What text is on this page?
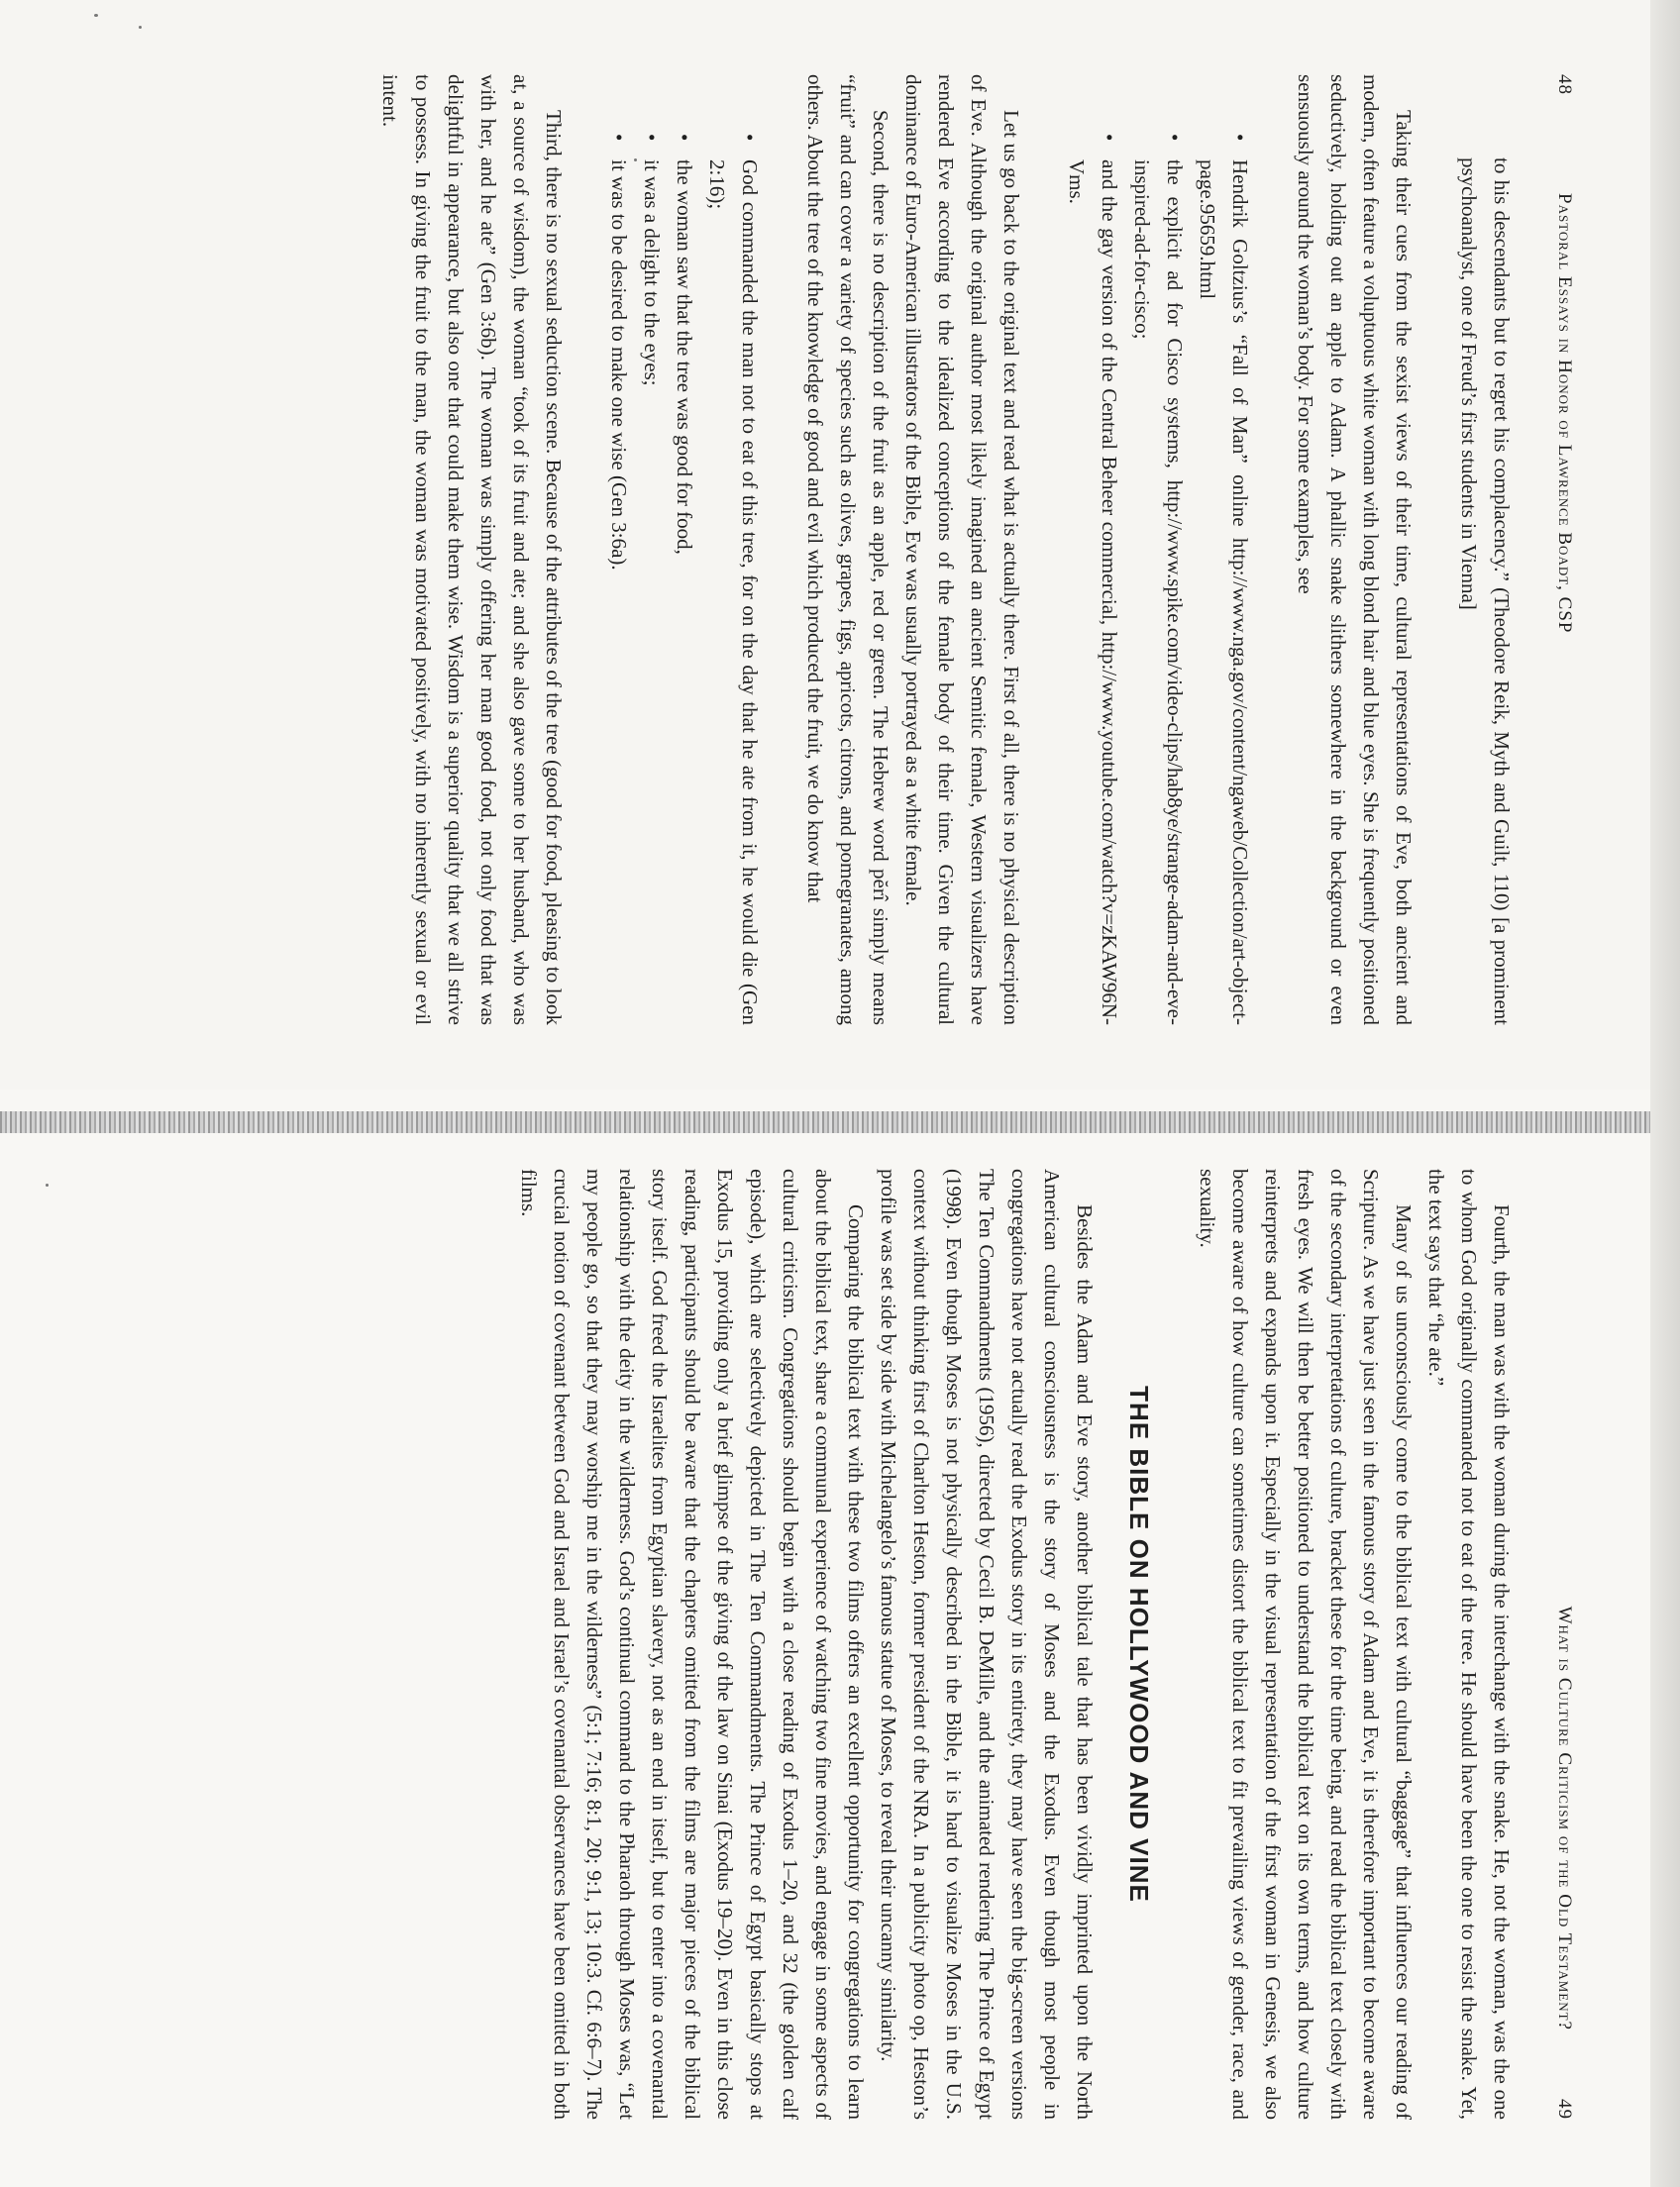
48
Pastoral Essays in Honor of Lawrence Boadt, CSP

to his descendants but to regret his complacency.” (Theodore Reik, Myth and Guilt, 110) [a prominent psychoanalyst, one of Freud’s first students in Vienna]

Taking their cues from the sexist views of their time, cultural representations of Eve, both ancient and modern, often feature a voluptuous white woman with long blond hair and blue eyes. She is frequently positioned seductively, holding out an apple to Adam. A phallic snake slithers somewhere in the background or even sensuously around the woman’s body. For some examples, see

• Hendrik Goltzius’s “Fall of Man” online http://www.nga.gov/content/ngaweb/Collection/art-object-page.95659.html
• the explicit ad for Cisco systems, http://www.spike.com/video-clips/hab8ye/strange-adam-and-eve-inspired-ad-for-cisco;
• and the gay version of the Central Beheer commercial, http://www.youtube.com/watch?v=zKAW96N-Vms.

Let us go back to the original text and read what is actually there. First of all, there is no physical description of Eve. Although the original author most likely imagined an ancient Semitic female, Western visualizers have rendered Eve according to the idealized conceptions of the female body of their time. Given the cultural dominance of Euro-American illustrators of the Bible, Eve was usually portrayed as a white female.

Second, there is no description of the fruit as an apple, red or green. The Hebrew word pĕrî simply means “fruit” and can cover a variety of species such as olives, grapes, figs, apricots, citrons, and pomegranates, among others. About the tree of the knowledge of good and evil which produced the fruit, we do know that

• God commanded the man not to eat of this tree, for on the day that he ate from it, he would die (Gen 2:16);
• the woman saw that the tree was good for food,
• it was a delight to the eyes;
• it was to be desired to make one wise (Gen 3:6a).

Third, there is no sexual seduction scene. Because of the attributes of the tree (good for food, pleasing to look at, a source of wisdom), the woman “took of its fruit and ate; and she also gave some to her husband, who was with her, and he ate” (Gen 3:6b). The woman was simply offering her man good food, not only food that was delightful in appearance, but also one that could make them wise. Wisdom is a superior quality that we all strive to possess. In giving the fruit to the man, the woman was motivated positively, with no inherently sexual or evil intent.

What is Culture Criticism of the Old Testament?
49

Fourth, the man was with the woman during the interchange with the snake. He, not the woman, was the one to whom God originally commanded not to eat of the tree. He should have been the one to resist the snake. Yet, the text says that “he ate.”

Many of us unconsciously come to the biblical text with cultural “baggage” that influences our reading of Scripture. As we have just seen in the famous story of Adam and Eve, it is therefore important to become aware of the secondary interpretations of culture, bracket these for the time being, and read the biblical text closely with fresh eyes. We will then be better positioned to understand the biblical text on its own terms, and how culture reinterprets and expands upon it. Especially in the visual representation of the first woman in Genesis, we also become aware of how culture can sometimes distort the biblical text to fit prevailing views of gender, race, and sexuality.

THE BIBLE ON HOLLYWOOD AND VINE

Besides the Adam and Eve story, another biblical tale that has been vividly imprinted upon the North American cultural consciousness is the story of Moses and the Exodus. Even though most people in congregations have not actually read the Exodus story in its entirety, they may have seen the big-screen versions The Ten Commandments (1956), directed by Cecil B. DeMille, and the animated rendering The Prince of Egypt (1998). Even though Moses is not physically described in the Bible, it is hard to visualize Moses in the U.S. context without thinking first of Charlton Heston, former president of the NRA. In a publicity photo op, Heston’s profile was set side by side with Michelangelo’s famous statue of Moses, to reveal their uncanny similarity.

Comparing the biblical text with these two films offers an excellent opportunity for congregations to learn about the biblical text, share a communal experience of watching two fine movies, and engage in some aspects of cultural criticism. Congregations should begin with a close reading of Exodus 1–20, and 32 (the golden calf episode), which are selectively depicted in The Ten Commandments. The Prince of Egypt basically stops at Exodus 15, providing only a brief glimpse of the giving of the law on Sinai (Exodus 19–20). Even in this close reading, participants should be aware that the chapters omitted from the films are major pieces of the biblical story itself. God freed the Israelites from Egyptian slavery, not as an end in itself, but to enter into a covenantal relationship with the deity in the wilderness. God’s continual command to the Pharaoh through Moses was, “Let my people go, so that they may worship me in the wilderness” (5:1; 7:16; 8:1, 20; 9:1, 13; 10:3. Cf. 6:6–7). The crucial notion of covenant between God and Israel and Israel’s covenantal observances have been omitted in both films.
